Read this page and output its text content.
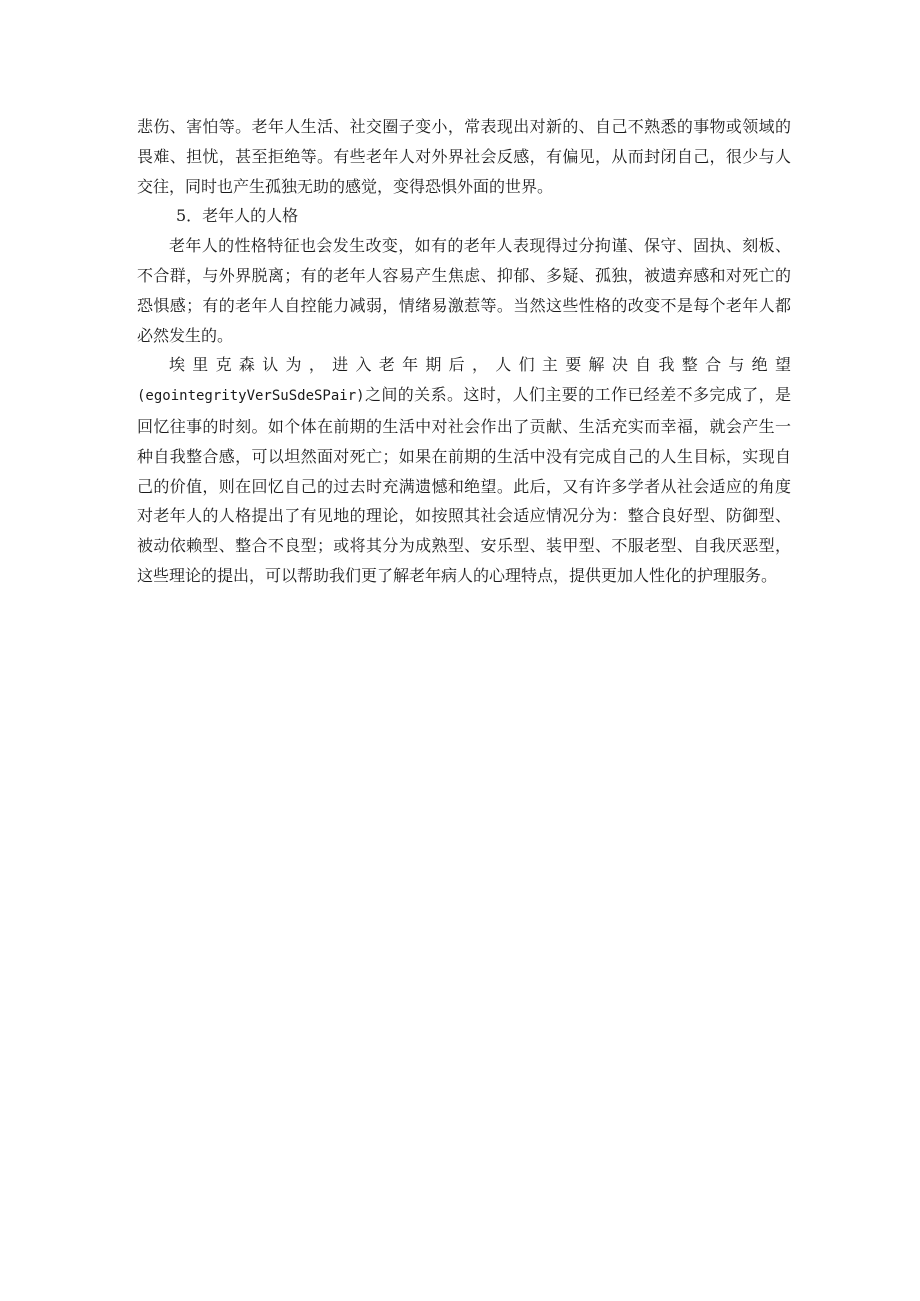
悲伤、害怕等。老年人生活、社交圈子变小，常表现出对新的、自己不熟悉的事物或领域的畏难、担忧，甚至拒绝等。有些老年人对外界社会反感，有偏见，从而封闭自己，很少与人交往，同时也产生孤独无助的感觉，变得恐惧外面的世界。

5．老年人的人格

老年人的性格特征也会发生改变，如有的老年人表现得过分拘谨、保守、固执、刻板、不合群，与外界脱离；有的老年人容易产生焦虑、抑郁、多疑、孤独，被遗弃感和对死亡的恐惧感；有的老年人自控能力减弱，情绪易激惹等。当然这些性格的改变不是每个老年人都必然发生的。

埃里克森认为，进入老年期后，人们主要解决自我整合与绝望(egointegrityVerSuSdeSPair)之间的关系。这时，人们主要的工作已经差不多完成了，是回忆往事的时刻。如个体在前期的生活中对社会作出了贡献、生活充实而幸福，就会产生一种自我整合感，可以坦然面对死亡；如果在前期的生活中没有完成自己的人生目标，实现自己的价值，则在回忆自己的过去时充满遗憾和绝望。此后，又有许多学者从社会适应的角度对老年人的人格提出了有见地的理论，如按照其社会适应情况分为：整合良好型、防御型、被动依赖型、整合不良型；或将其分为成熟型、安乐型、装甲型、不服老型、自我厌恶型，这些理论的提出，可以帮助我们更了解老年病人的心理特点，提供更加人性化的护理服务。
